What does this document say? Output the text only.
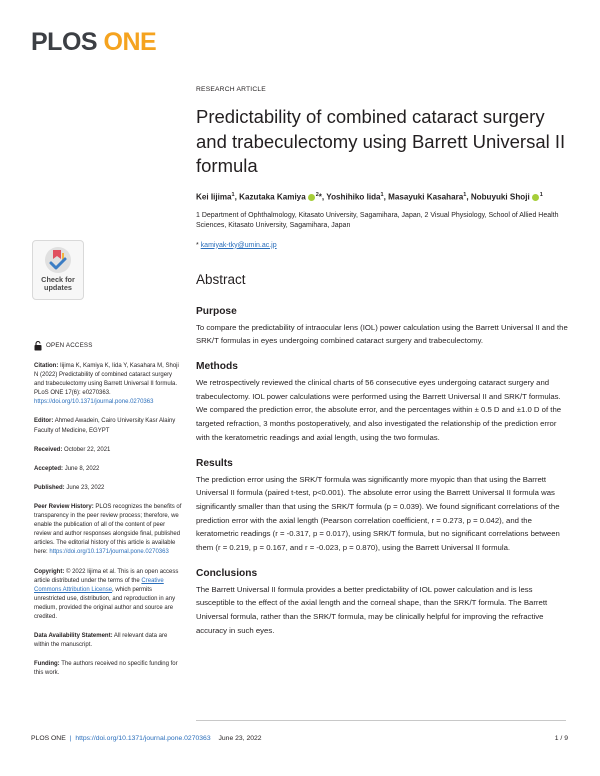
PLOS ONE
Check for
updates
OPEN ACCESS

Citation: Iijima K, Kamiya K, Iida Y, Kasahara M, Shoji N (2022) Predictability of combined cataract surgery and trabeculectomy using Barrett Universal II formula. PLoS ONE 17(6): e0270363. https://doi.org/10.1371/journal.pone.0270363

Editor: Ahmed Awadein, Cairo University Kasr Alainy Faculty of Medicine, EGYPT

Received: October 22, 2021

Accepted: June 8, 2022

Published: June 23, 2022

Peer Review History: PLOS recognizes the benefits of transparency in the peer review process; therefore, we enable the publication of all of the content of peer review and author responses alongside final, published articles. The editorial history of this article is available here: https://doi.org/10.1371/journal.pone.0270363

Copyright: © 2022 Iijima et al. This is an open access article distributed under the terms of the Creative Commons Attribution License, which permits unrestricted use, distribution, and reproduction in any medium, provided the original author and source are credited.

Data Availability Statement: All relevant data are within the manuscript.

Funding: The authors received no specific funding for this work.

RESEARCH ARTICLE
Predictability of combined cataract surgery and trabeculectomy using Barrett Universal II formula
Kei Iijima$^1$, Kazutaka Kamiya $^2$*, Yoshihiko Iida$^1$, Masayuki Kasahara$^1$, Nobuyuki Shoji $^1$
1 Department of Ophthalmology, Kitasato University, Sagamihara, Japan, 2 Visual Physiology, School of Allied Health Sciences, Kitasato University, Sagamihara, Japan
* kamiyak-tky@umin.ac.jp
Abstract
Purpose

To compare the predictability of intraocular lens (IOL) power calculation using the Barrett Universal II and the SRK/T formulas in eyes undergoing combined cataract surgery and trabeculectomy.

Methods

We retrospectively reviewed the clinical charts of 56 consecutive eyes undergoing cataract surgery and trabeculectomy. IOL power calculations were performed using the Barrett Universal II and SRK/T formulas. We compared the prediction error, the absolute error, and the percentages within ± 0.5 D and ±1.0 D of the targeted refraction, 3 months postoperatively, and also investigated the relationship of the prediction error with the keratometric readings and axial length, using the two formulas.

Results

The prediction error using the SRK/T formula was significantly more myopic than that using the Barrett Universal II formula (paired t-test, p<0.001). The absolute error using the Barrett Universal II formula was significantly smaller than that using the SRK/T formula (p = 0.039). We found significant correlations of the prediction error with the axial length (Pearson correlation coefficient, r = 0.273, p = 0.042), and the keratometric readings (r = -0.317, p = 0.017), using SRK/T formula, but no significant correlations between them (r = 0.219, p = 0.167, and r = -0.023, p = 0.870), using the Barrett Universal II formula.

Conclusions

The Barrett Universal II formula provides a better predictability of IOL power calculation and is less susceptible to the effect of the axial length and the corneal shape, than the SRK/T formula. The Barrett Universal formula, rather than the SRK/T formula, may be clinically helpful for improving the refractive accuracy in such eyes.

PLOS ONE | https://doi.org/10.1371/journal.pone.0270363 June 23, 2022	1 / 9
